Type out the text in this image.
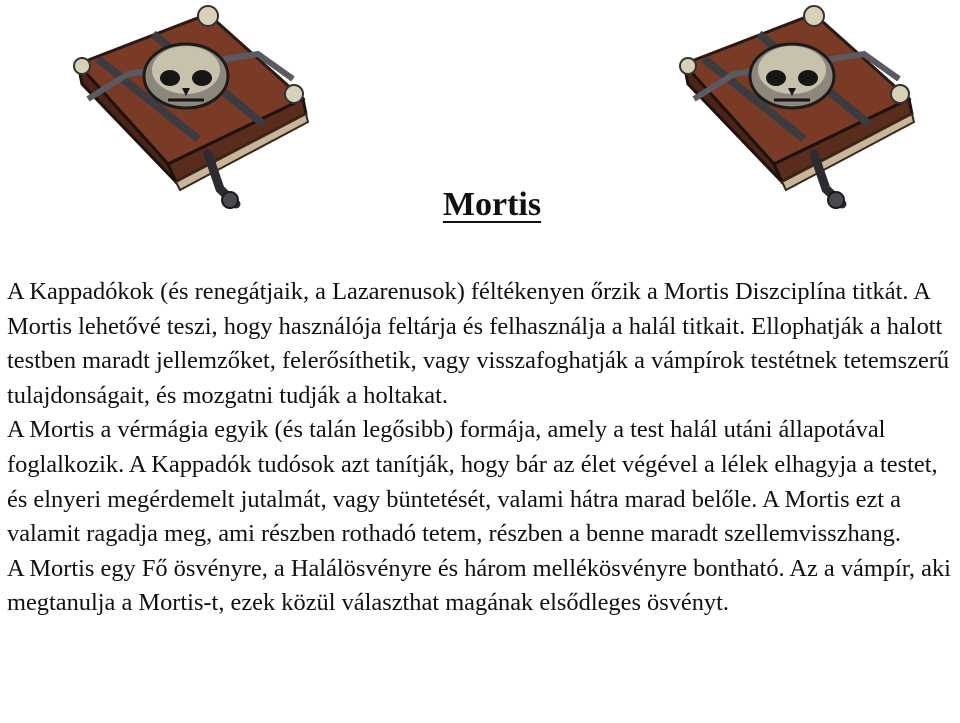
Mortis

A Kappadókok (és renegátjaik, a Lazarenusok) féltékenyen őrzik a Mortis Diszciplína titkát. A Mortis lehetővé teszi, hogy használója feltárja és felhasználja a halál titkait. Ellophatják a halott testben maradt jellemzőket, felerősíthetik, vagy visszafoghatják a vámpírok testétnek tetemszerű tulajdonságait, és mozgatni tudják a holtakat.

A Mortis a vérmágia egyik (és talán legősibb) formája, amely a test halál utáni állapotával foglalkozik. A Kappadók tudósok azt tanítják, hogy bár az élet végével a lélek elhagyja a testet, és elnyeri megérdemelt jutalmát, vagy büntetését, valami hátra marad belőle. A Mortis ezt a valamit ragadja meg, ami részben rothadó tetem, részben a benne maradt szellemvisszhang.

A Mortis egy Fő ösvényre, a Halálösvényre és három mellékösvényre bontható. Az a vámpír, aki megtanulja a Mortis-t, ezek közül választhat magának elsődleges ösvényt.
